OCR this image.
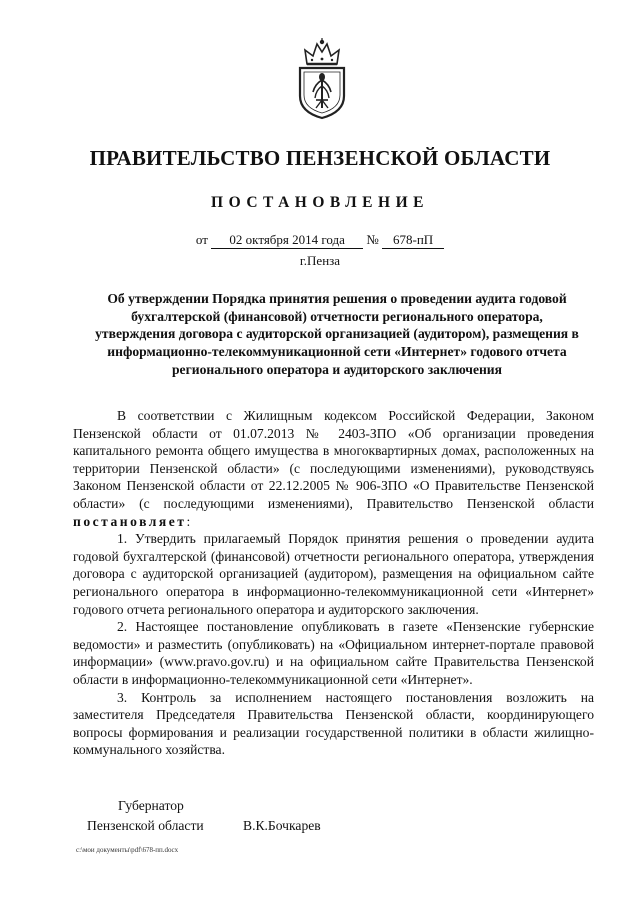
ПРАВИТЕЛЬСТВО ПЕНЗЕНСКОЙ ОБЛАСТИ
ПОСТАНОВЛЕНИЕ
от 02 октября 2014 года № 678-пП
г.Пенза
Об утверждении Порядка принятия решения о проведении аудита годовой бухгалтерской (финансовой) отчетности регионального оператора, утверждения договора с аудиторской организацией (аудитором), размещения в информационно-телекоммуникационной сети «Интернет» годового отчета регионального оператора и аудиторского заключения

В соответствии с Жилищным кодексом Российской Федерации, Законом Пензенской области от 01.07.2013 № 2403-ЗПО «Об организации проведения капитального ремонта общего имущества в многоквартирных домах, расположенных на территории Пензенской области» (с последующими изменениями), руководствуясь Законом Пензенской области от 22.12.2005 № 906-ЗПО «О Правительстве Пензенской области» (с последующими изменениями), Правительство Пензенской области постановляет:

1. Утвердить прилагаемый Порядок принятия решения о проведении аудита годовой бухгалтерской (финансовой) отчетности регионального оператора, утверждения договора с аудиторской организацией (аудитором), размещения на официальном сайте регионального оператора в информационно-телекоммуникационной сети «Интернет» годового отчета регионального оператора и аудиторского заключения.

2. Настоящее постановление опубликовать в газете «Пензенские губернские ведомости» и разместить (опубликовать) на «Официальном интернет-портале правовой информации» (www.pravo.gov.ru) и на официальном сайте Правительства Пензенской области в информационно-телекоммуникационной сети «Интернет».

3. Контроль за исполнением настоящего постановления возложить на заместителя Председателя Правительства Пензенской области, координирующего вопросы формирования и реализации государственной политики в области жилищно-коммунального хозяйства.

Губернатор
Пензенской области	В.К.Бочкарев
c:\мои документы\pdf\678-пп.docx
